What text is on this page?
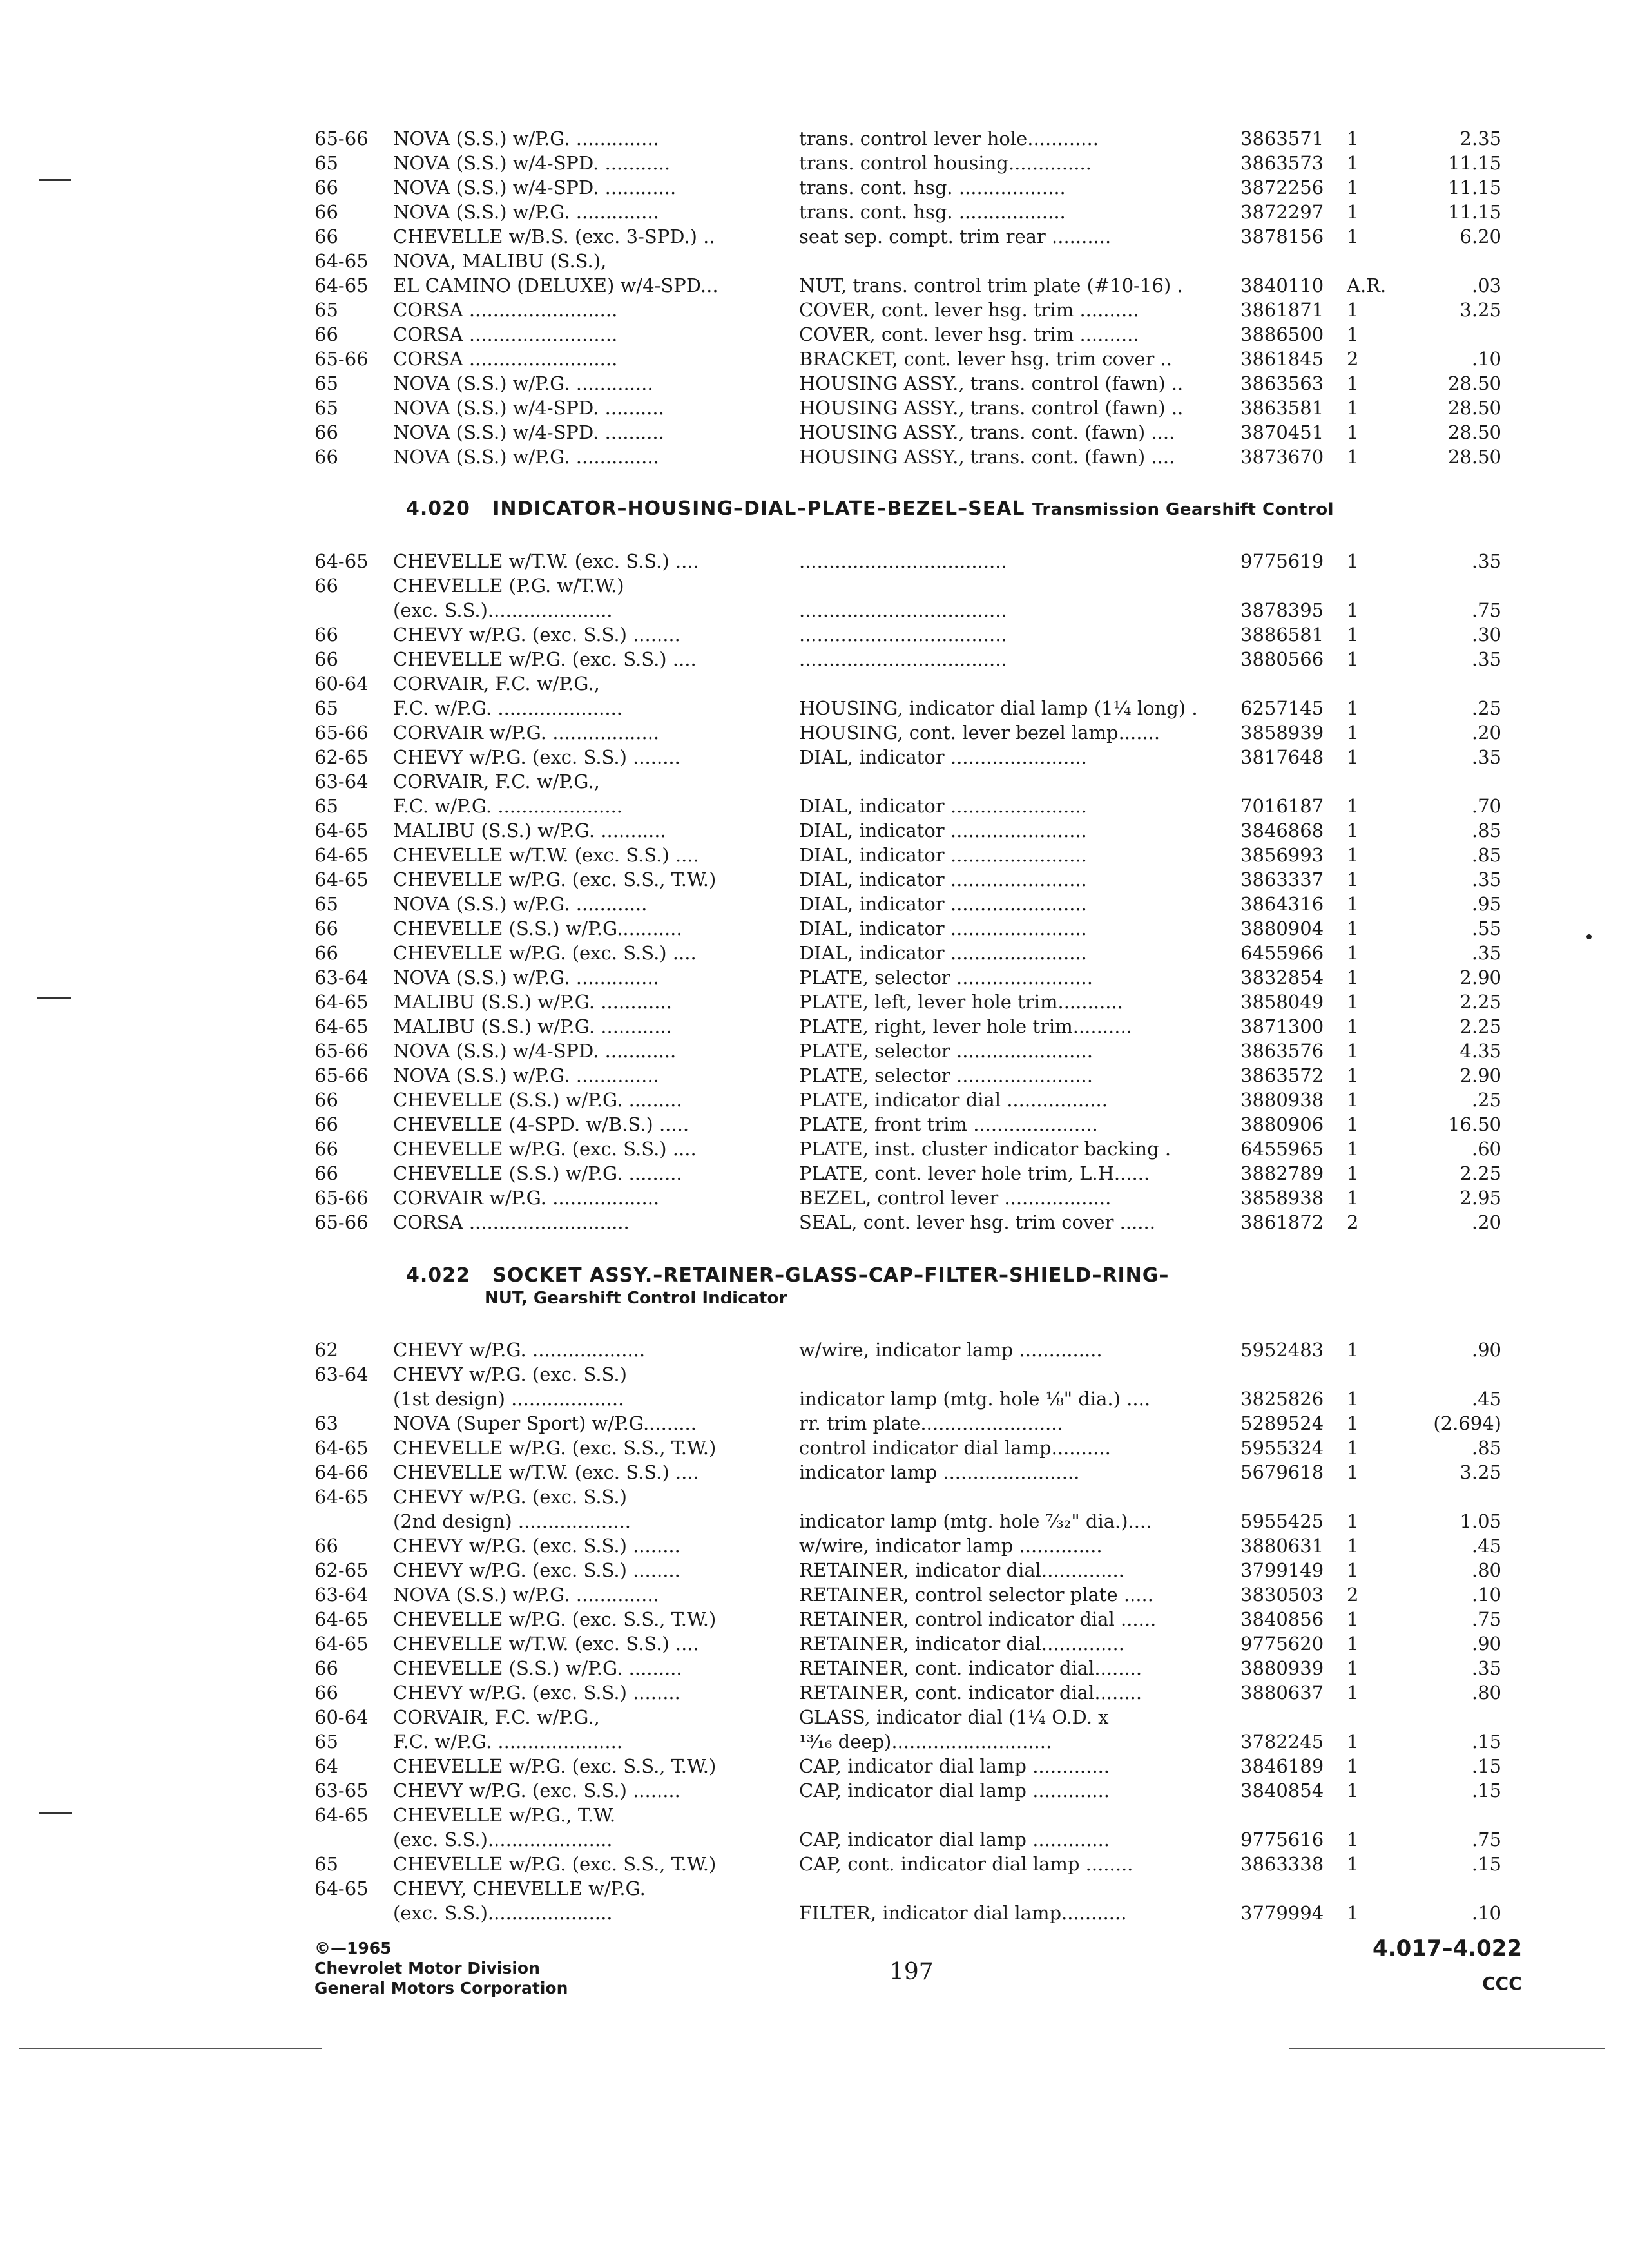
65-66	NOVA (S.S.) w/P.G. ..............	trans. control lever hole............	3863571	1	2.35
65	NOVA (S.S.) w/4-SPD. ...........	trans. control housing..............	3863573	1	11.15
66	NOVA (S.S.) w/4-SPD. ............	trans. cont. hsg. ..................	3872256	1	11.15
66	NOVA (S.S.) w/P.G. ..............	trans. cont. hsg. ..................	3872297	1	11.15
66	CHEVELLE w/B.S. (exc. 3-SPD.) ..	seat sep. compt. trim rear ..........	3878156	1	6.20
64-65	NOVA, MALIBU (S.S.),
64-65	EL CAMINO (DELUXE) w/4-SPD...	NUT, trans. control trim plate (#10-16) .	3840110	A.R.	.03
65	CORSA .........................	COVER, cont. lever hsg. trim ..........	3861871	1	3.25
66	CORSA .........................	COVER, cont. lever hsg. trim ..........	3886500	1
65-66	CORSA .........................	BRACKET, cont. lever hsg. trim cover ..	3861845	2	.10
65	NOVA (S.S.) w/P.G. .............	HOUSING ASSY., trans. control (fawn) ..	3863563	1	28.50
65	NOVA (S.S.) w/4-SPD. ..........	HOUSING ASSY., trans. control (fawn) ..	3863581	1	28.50
66	NOVA (S.S.) w/4-SPD. ..........	HOUSING ASSY., trans. cont. (fawn) ....	3870451	1	28.50
66	NOVA (S.S.) w/P.G. ..............	HOUSING ASSY., trans. cont. (fawn) ....	3873670	1	28.50
4.020 INDICATOR–HOUSING–DIAL–PLATE–BEZEL–SEAL Transmission Gearshift Control
64-65	CHEVELLE w/T.W. (exc. S.S.) ....	...................................	9775619	1	.35
66	CHEVELLE (P.G. w/T.W.)
(exc. S.S.).....................	...................................	3878395	1	.75
66	CHEVY w/P.G. (exc. S.S.) ........	...................................	3886581	1	.30
66	CHEVELLE w/P.G. (exc. S.S.) ....	...................................	3880566	1	.35
60-64	CORVAIR, F.C. w/P.G.,
65	F.C. w/P.G. .....................	HOUSING, indicator dial lamp (1¼ long) .	6257145	1	.25
65-66	CORVAIR w/P.G. ..................	HOUSING, cont. lever bezel lamp.......	3858939	1	.20
62-65	CHEVY w/P.G. (exc. S.S.) ........	DIAL, indicator .......................	3817648	1	.35
63-64	CORVAIR, F.C. w/P.G.,
65	F.C. w/P.G. .....................	DIAL, indicator .......................	7016187	1	.70
64-65	MALIBU (S.S.) w/P.G. ...........	DIAL, indicator .......................	3846868	1	.85
64-65	CHEVELLE w/T.W. (exc. S.S.) ....	DIAL, indicator .......................	3856993	1	.85
64-65	CHEVELLE w/P.G. (exc. S.S., T.W.)	DIAL, indicator .......................	3863337	1	.35
65	NOVA (S.S.) w/P.G. ............	DIAL, indicator .......................	3864316	1	.95
66	CHEVELLE (S.S.) w/P.G...........	DIAL, indicator .......................	3880904	1	.55
66	CHEVELLE w/P.G. (exc. S.S.) ....	DIAL, indicator .......................	6455966	1	.35
63-64	NOVA (S.S.) w/P.G. ..............	PLATE, selector .......................	3832854	1	2.90
64-65	MALIBU (S.S.) w/P.G. ............	PLATE, left, lever hole trim...........	3858049	1	2.25
64-65	MALIBU (S.S.) w/P.G. ............	PLATE, right, lever hole trim..........	3871300	1	2.25
65-66	NOVA (S.S.) w/4-SPD. ............	PLATE, selector .......................	3863576	1	4.35
65-66	NOVA (S.S.) w/P.G. ..............	PLATE, selector .......................	3863572	1	2.90
66	CHEVELLE (S.S.) w/P.G. .........	PLATE, indicator dial .................	3880938	1	.25
66	CHEVELLE (4-SPD. w/B.S.) .....	PLATE, front trim .....................	3880906	1	16.50
66	CHEVELLE w/P.G. (exc. S.S.) ....	PLATE, inst. cluster indicator backing .	6455965	1	.60
66	CHEVELLE (S.S.) w/P.G. .........	PLATE, cont. lever hole trim, L.H......	3882789	1	2.25
65-66	CORVAIR w/P.G. ..................	BEZEL, control lever ..................	3858938	1	2.95
65-66	CORSA ...........................	SEAL, cont. lever hsg. trim cover ......	3861872	2	.20
4.022 SOCKET ASSY.–RETAINER–GLASS–CAP–FILTER–SHIELD–RING–
NUT, Gearshift Control Indicator
62	CHEVY w/P.G. ...................	w/wire, indicator lamp ..............	5952483	1	.90
63-64	CHEVY w/P.G. (exc. S.S.)
(1st design) ...................	indicator lamp (mtg. hole ⅛" dia.) ....	3825826	1	.45
63	NOVA (Super Sport) w/P.G.........	rr. trim plate........................	5289524	1	(2.694)
64-65	CHEVELLE w/P.G. (exc. S.S., T.W.)	control indicator dial lamp..........	5955324	1	.85
64-66	CHEVELLE w/T.W. (exc. S.S.) ....	indicator lamp .......................	5679618	1	3.25
64-65	CHEVY w/P.G. (exc. S.S.)
(2nd design) ...................	indicator lamp (mtg. hole ⁷⁄₃₂" dia.)....	5955425	1	1.05
66	CHEVY w/P.G. (exc. S.S.) ........	w/wire, indicator lamp ..............	3880631	1	.45
62-65	CHEVY w/P.G. (exc. S.S.) ........	RETAINER, indicator dial..............	3799149	1	.80
63-64	NOVA (S.S.) w/P.G. ..............	RETAINER, control selector plate .....	3830503	2	.10
64-65	CHEVELLE w/P.G. (exc. S.S., T.W.)	RETAINER, control indicator dial ......	3840856	1	.75
64-65	CHEVELLE w/T.W. (exc. S.S.) ....	RETAINER, indicator dial..............	9775620	1	.90
66	CHEVELLE (S.S.) w/P.G. .........	RETAINER, cont. indicator dial........	3880939	1	.35
66	CHEVY w/P.G. (exc. S.S.) ........	RETAINER, cont. indicator dial........	3880637	1	.80
60-64	CORVAIR, F.C. w/P.G.,	GLASS, indicator dial (1¼ O.D. x
65	F.C. w/P.G. .....................	¹³⁄₁₆ deep)...........................	3782245	1	.15
64	CHEVELLE w/P.G. (exc. S.S., T.W.)	CAP, indicator dial lamp .............	3846189	1	.15
63-65	CHEVY w/P.G. (exc. S.S.) ........	CAP, indicator dial lamp .............	3840854	1	.15
64-65	CHEVELLE w/P.G., T.W.
(exc. S.S.).....................	CAP, indicator dial lamp .............	9775616	1	.75
65	CHEVELLE w/P.G. (exc. S.S., T.W.)	CAP, cont. indicator dial lamp ........	3863338	1	.15
64-65	CHEVY, CHEVELLE w/P.G.
(exc. S.S.).....................	FILTER, indicator dial lamp...........	3779994	1	.10
©—1965
Chevrolet Motor Division
General Motors Corporation
197
4.017–4.022
CCC
